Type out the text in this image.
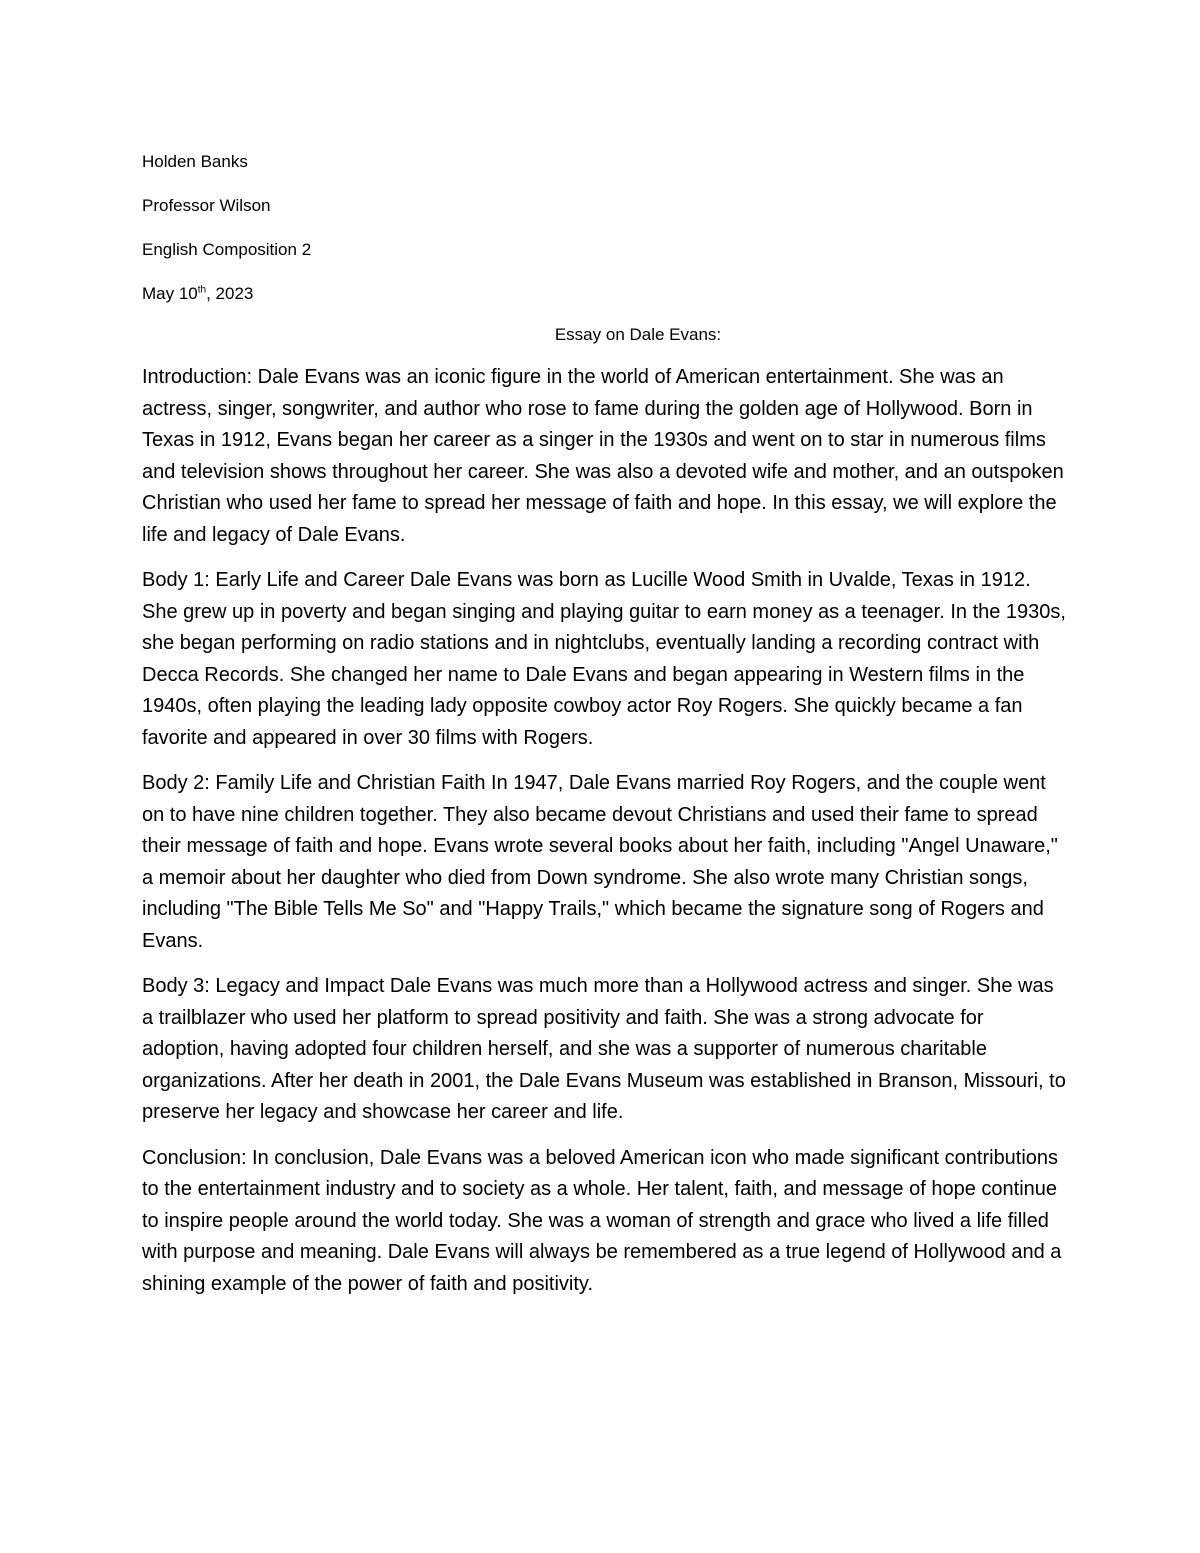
Holden Banks
Professor Wilson
English Composition 2
May 10th, 2023
Essay on Dale Evans:

Introduction: Dale Evans was an iconic figure in the world of American entertainment. She was an actress, singer, songwriter, and author who rose to fame during the golden age of Hollywood. Born in Texas in 1912, Evans began her career as a singer in the 1930s and went on to star in numerous films and television shows throughout her career. She was also a devoted wife and mother, and an outspoken Christian who used her fame to spread her message of faith and hope. In this essay, we will explore the life and legacy of Dale Evans.

Body 1: Early Life and Career Dale Evans was born as Lucille Wood Smith in Uvalde, Texas in 1912. She grew up in poverty and began singing and playing guitar to earn money as a teenager. In the 1930s, she began performing on radio stations and in nightclubs, eventually landing a recording contract with Decca Records. She changed her name to Dale Evans and began appearing in Western films in the 1940s, often playing the leading lady opposite cowboy actor Roy Rogers. She quickly became a fan favorite and appeared in over 30 films with Rogers.

Body 2: Family Life and Christian Faith In 1947, Dale Evans married Roy Rogers, and the couple went on to have nine children together. They also became devout Christians and used their fame to spread their message of faith and hope. Evans wrote several books about her faith, including "Angel Unaware," a memoir about her daughter who died from Down syndrome. She also wrote many Christian songs, including "The Bible Tells Me So" and "Happy Trails," which became the signature song of Rogers and Evans.

Body 3: Legacy and Impact Dale Evans was much more than a Hollywood actress and singer. She was a trailblazer who used her platform to spread positivity and faith. She was a strong advocate for adoption, having adopted four children herself, and she was a supporter of numerous charitable organizations. After her death in 2001, the Dale Evans Museum was established in Branson, Missouri, to preserve her legacy and showcase her career and life.

Conclusion: In conclusion, Dale Evans was a beloved American icon who made significant contributions to the entertainment industry and to society as a whole. Her talent, faith, and message of hope continue to inspire people around the world today. She was a woman of strength and grace who lived a life filled with purpose and meaning. Dale Evans will always be remembered as a true legend of Hollywood and a shining example of the power of faith and positivity.
